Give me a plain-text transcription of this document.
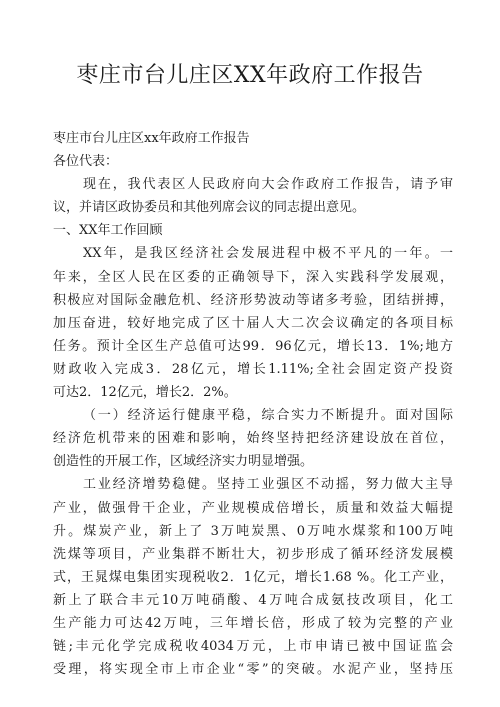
枣庄市台儿庄区XX年政府工作报告
枣庄市台儿庄区xx年政府工作报告
各位代表：
现在，我代表区人民政府向大会作政府工作报告，请予审
议，并请区政协委员和其他列席会议的同志提出意见。
一、XX年工作回顾
XX年，是我区经济社会发展进程中极不平凡的一年。一
年来，全区人民在区委的正确领导下，深入实践科学发展观，
积极应对国际金融危机、经济形势波动等诸多考验，团结拼搏，
加压奋进，较好地完成了区十届人大二次会议确定的各项目标
任务。预计全区生产总值可达99．96亿元，增长13．1%;地方
财政收入完成3．28亿元，增长1.11%;全社会固定资产投资
可达2．12亿元，增长2．2%。
（一）经济运行健康平稳，综合实力不断提升。面对国际
经济危机带来的困难和影响，始终坚持把经济建设放在首位，
创造性的开展工作，区域经济实力明显增强。
工业经济增势稳健。坚持工业强区不动摇，努力做大主导
产业，做强骨干企业，产业规模成倍增长，质量和效益大幅提
升。煤炭产业，新上了 3万吨炭黑、0万吨水煤浆和100万吨
洗煤等项目，产业集群不断壮大，初步形成了循环经济发展模
式，王晁煤电集团实现税收2．1亿元，增长1.68 %。化工产业，
新上了联合丰元10万吨硝酸、4万吨合成氨技改项目，化工
生产能力可达42万吨，三年增长倍，形成了较为完整的产业
链;丰元化学完成税收4034万元，上市申请已被中国证监会
受理，将实现全市上市企业“零”的突破。水泥产业，坚持压
